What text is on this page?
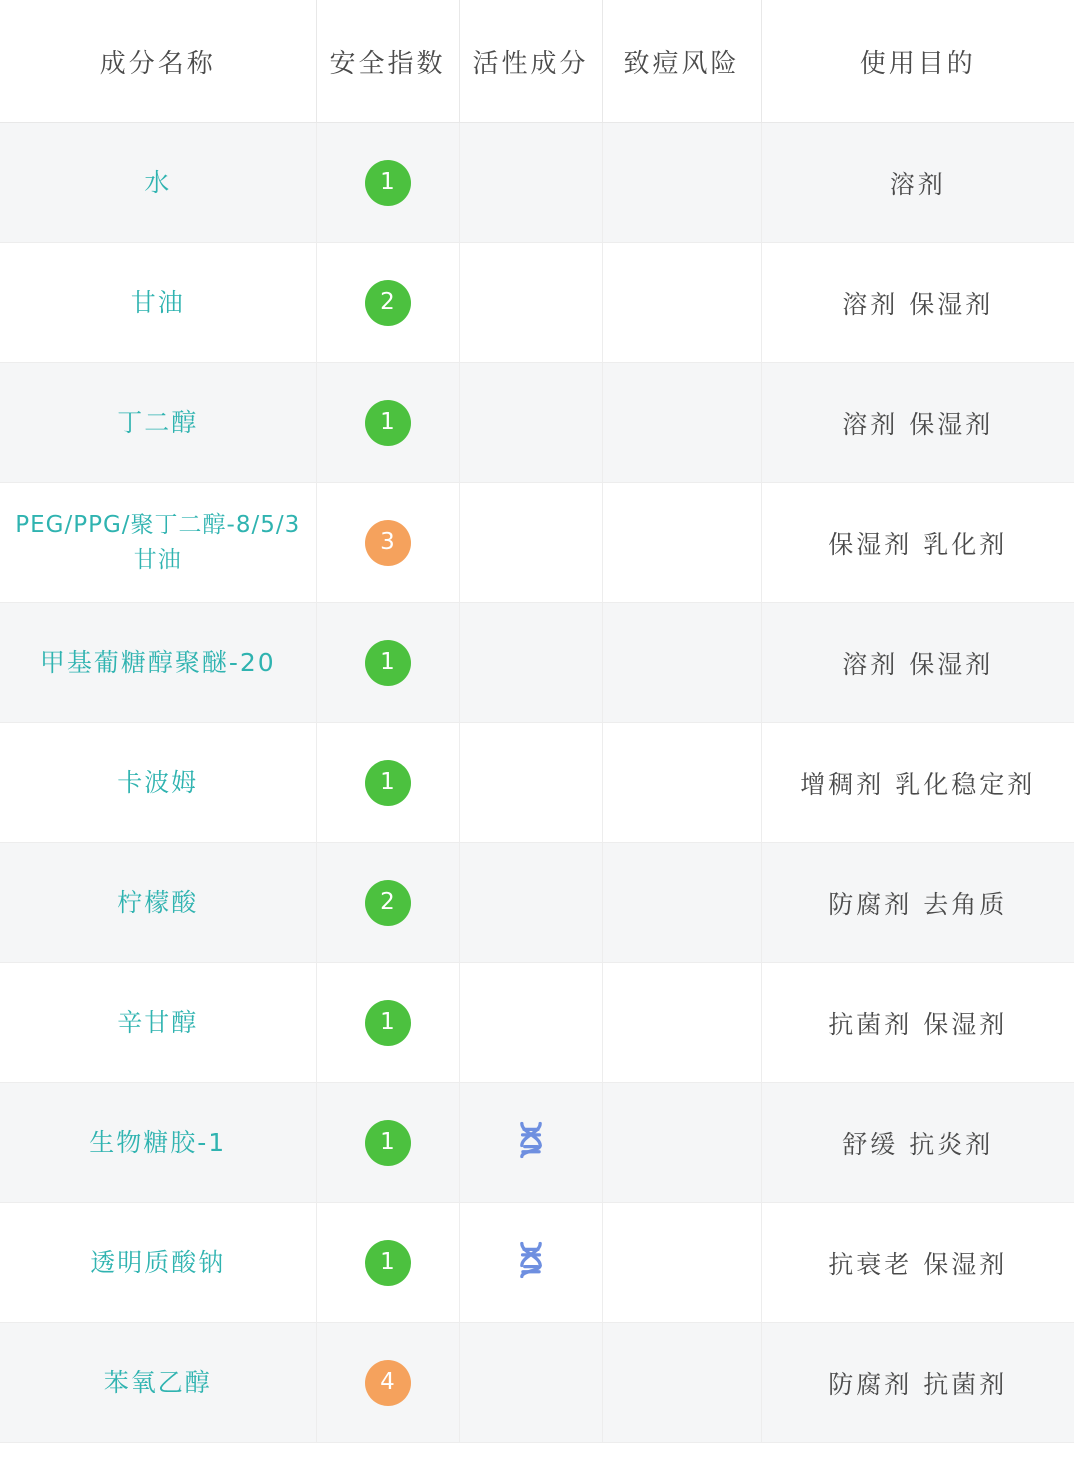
成分名称	安全指数	活性成分	致痘风险	使用目的
水	1			溶剂
甘油	2			溶剂 保湿剂
丁二醇	1			溶剂 保湿剂
PEG/PPG/聚丁二醇-8/5/3 甘油	3			保湿剂 乳化剂
甲基葡糖醇聚醚-20	1			溶剂 保湿剂
卡波姆	1			增稠剂 乳化稳定剂
柠檬酸	2			防腐剂 去角质
辛甘醇	1			抗菌剂 保湿剂
生物糖胶-1	1			舒缓 抗炎剂
透明质酸钠	1			抗衰老 保湿剂
苯氧乙醇	4			防腐剂 抗菌剂
